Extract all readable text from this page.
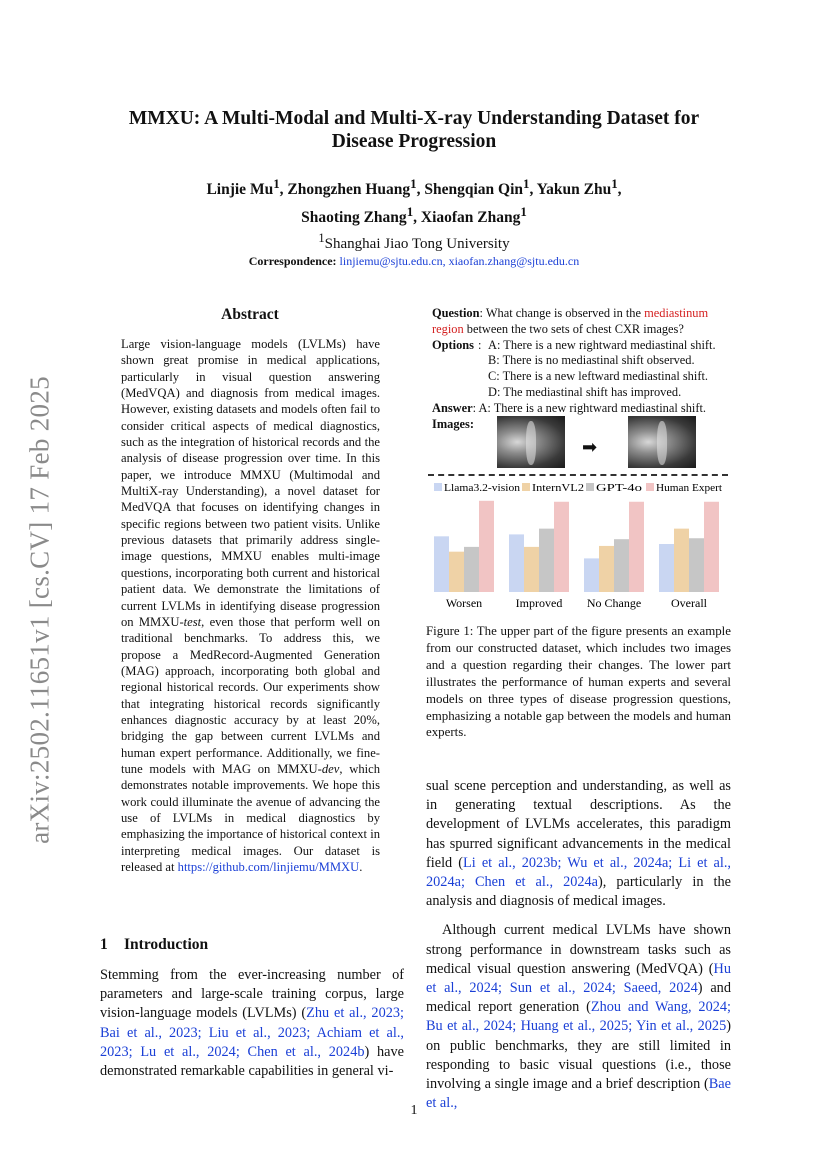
arXiv:2502.11651v1 [cs.CV] 17 Feb 2025
MMXU: A Multi-Modal and Multi-X-ray Understanding Dataset for Disease Progression
Linjie Mu$^1$, Zhongzhen Huang$^1$, Shengqian Qin$^1$, Yakun Zhu$^1$,
Shaoting Zhang$^1$, Xiaofan Zhang$^1$
$^1$Shanghai Jiao Tong University
Correspondence: linjiemu@sjtu.edu.cn, xiaofan.zhang@sjtu.edu.cn
Abstract
Large vision-language models (LVLMs) have shown great promise in medical applications, particularly in visual question answering (MedVQA) and diagnosis from medical images. However, existing datasets and models often fail to consider critical aspects of medical diagnostics, such as the integration of historical records and the analysis of disease progression over time. In this paper, we introduce MMXU (Multimodal and MultiX-ray Understanding), a novel dataset for MedVQA that focuses on identifying changes in specific regions between two patient visits. Unlike previous datasets that primarily address single-image questions, MMXU enables multi-image questions, incorporating both current and historical patient data. We demonstrate the limitations of current LVLMs in identifying disease progression on MMXU-test, even those that perform well on traditional benchmarks. To address this, we propose a MedRecord-Augmented Generation (MAG) approach, incorporating both global and regional historical records. Our experiments show that integrating historical records significantly enhances diagnostic accuracy by at least 20%, bridging the gap between current LVLMs and human expert performance. Additionally, we fine-tune models with MAG on MMXU-dev, which demonstrates notable improvements. We hope this work could illuminate the avenue of advancing the use of LVLMs in medical diagnostics by emphasizing the importance of historical context in interpreting medical images. Our dataset is released at https://github.com/linjiemu/MMXU.
1 Introduction
Stemming from the ever-increasing number of parameters and large-scale training corpus, large vision-language models (LVLMs) (Zhu et al., 2023; Bai et al., 2023; Liu et al., 2023; Achiam et al., 2023; Lu et al., 2024; Chen et al., 2024b) have demonstrated remarkable capabilities in general vi-
Question: What change is observed in the mediastinum region between the two sets of chest CXR images?
Options : A: There is a new rightward mediastinal shift.
B: There is no mediastinal shift observed.
C: There is a new leftward mediastinal shift.
D: The mediastinal shift has improved.
Answer: A: There is a new rightward mediastinal shift.
Images:
➡
Llama3.2-vision InternVL2 GPT-4o Human Expert
Worsen	Improved No Change Overall
Figure 1: The upper part of the figure presents an example from our constructed dataset, which includes two images and a question regarding their changes. The lower part illustrates the performance of human experts and several models on three types of disease progression questions, emphasizing a notable gap between the models and human experts.

sual scene perception and understanding, as well as in generating textual descriptions. As the development of LVLMs accelerates, this paradigm has spurred significant advancements in the medical field (Li et al., 2023b; Wu et al., 2024a; Li et al., 2024a; Chen et al., 2024a), particularly in the analysis and diagnosis of medical images.

Although current medical LVLMs have shown strong performance in downstream tasks such as medical visual question answering (MedVQA) (Hu et al., 2024; Sun et al., 2024; Saeed, 2024) and medical report generation (Zhou and Wang, 2024; Bu et al., 2024; Huang et al., 2025; Yin et al., 2025) on public benchmarks, they are still limited in responding to basic visual questions (i.e., those involving a single image and a brief description (Bae et al.,

1
